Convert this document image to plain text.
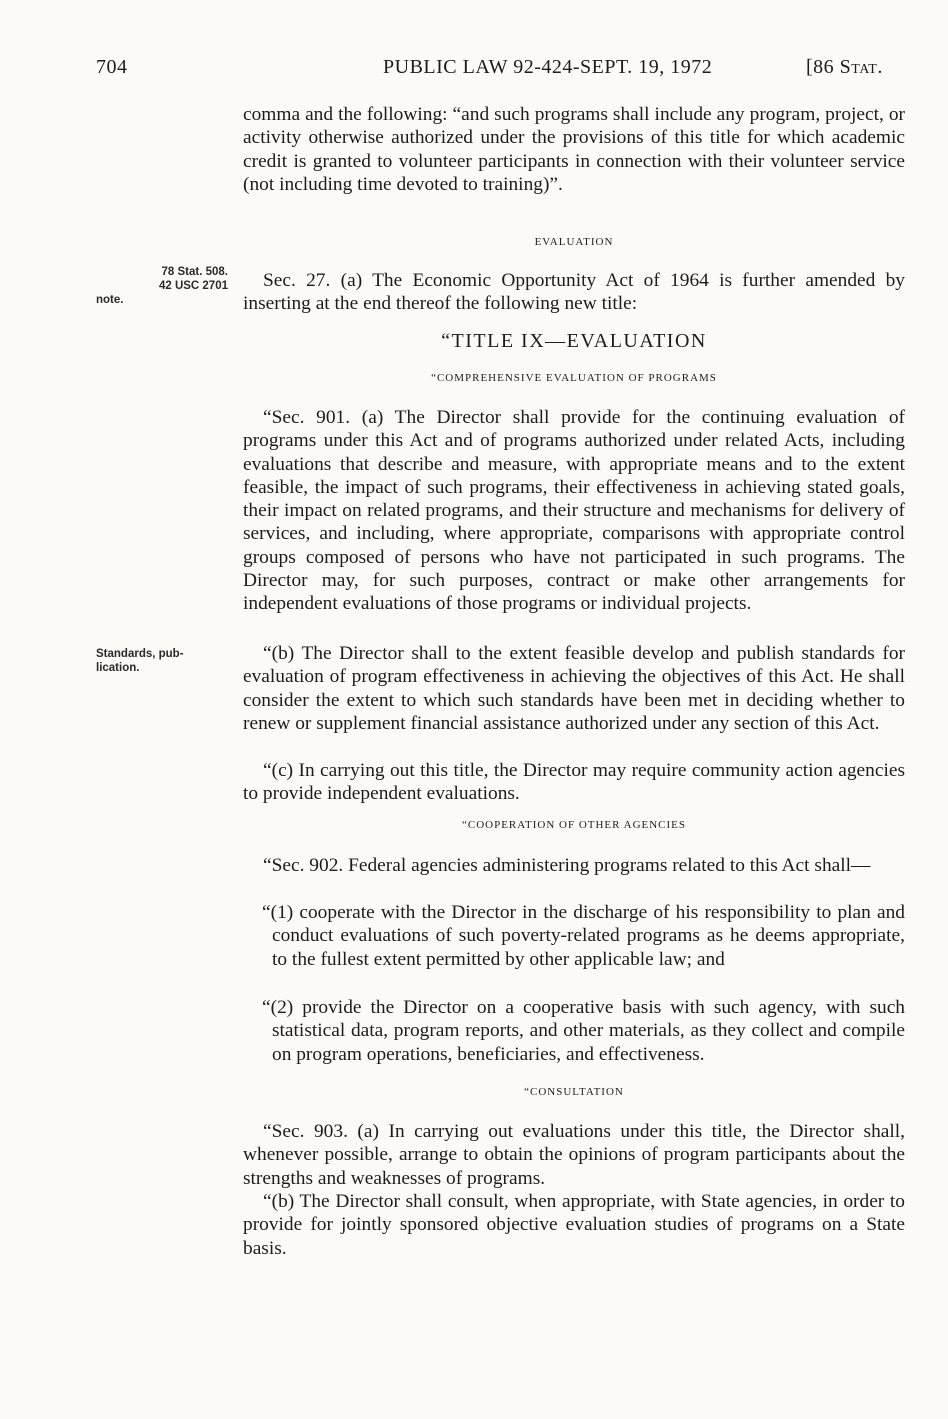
704	PUBLIC LAW 92-424-SEPT. 19, 1972	[86 Stat.

comma and the following: “and such programs shall include any program, project, or activity otherwise authorized under the provisions of this title for which academic credit is granted to volunteer participants in connection with their volunteer service (not including time devoted to training)”.

EVALUATION
78 Stat. 508.
42 USC 2701
note.

Sec. 27. (a) The Economic Opportunity Act of 1964 is further amended by inserting at the end thereof the following new title:

“TITLE IX—EVALUATION
“COMPREHENSIVE EVALUATION OF PROGRAMS

“Sec. 901. (a) The Director shall provide for the continuing evaluation of programs under this Act and of programs authorized under related Acts, including evaluations that describe and measure, with appropriate means and to the extent feasible, the impact of such programs, their effectiveness in achieving stated goals, their impact on related programs, and their structure and mechanisms for delivery of services, and including, where appropriate, comparisons with appropriate control groups composed of persons who have not participated in such programs. The Director may, for such purposes, contract or make other arrangements for independent evaluations of those programs or individual projects.

Standards, pub-
lication.

“(b) The Director shall to the extent feasible develop and publish standards for evaluation of program effectiveness in achieving the objectives of this Act. He shall consider the extent to which such standards have been met in deciding whether to renew or supplement financial assistance authorized under any section of this Act.

“(c) In carrying out this title, the Director may require community action agencies to provide independent evaluations.

“COOPERATION OF OTHER AGENCIES

“Sec. 902. Federal agencies administering programs related to this Act shall—

“(1) cooperate with the Director in the discharge of his responsibility to plan and conduct evaluations of such poverty-related programs as he deems appropriate, to the fullest extent permitted by other applicable law; and

“(2) provide the Director on a cooperative basis with such agency, with such statistical data, program reports, and other materials, as they collect and compile on program operations, beneficiaries, and effectiveness.

“CONSULTATION

“Sec. 903. (a) In carrying out evaluations under this title, the Director shall, whenever possible, arrange to obtain the opinions of program participants about the strengths and weaknesses of programs.

“(b) The Director shall consult, when appropriate, with State agencies, in order to provide for jointly sponsored objective evaluation studies of programs on a State basis.
